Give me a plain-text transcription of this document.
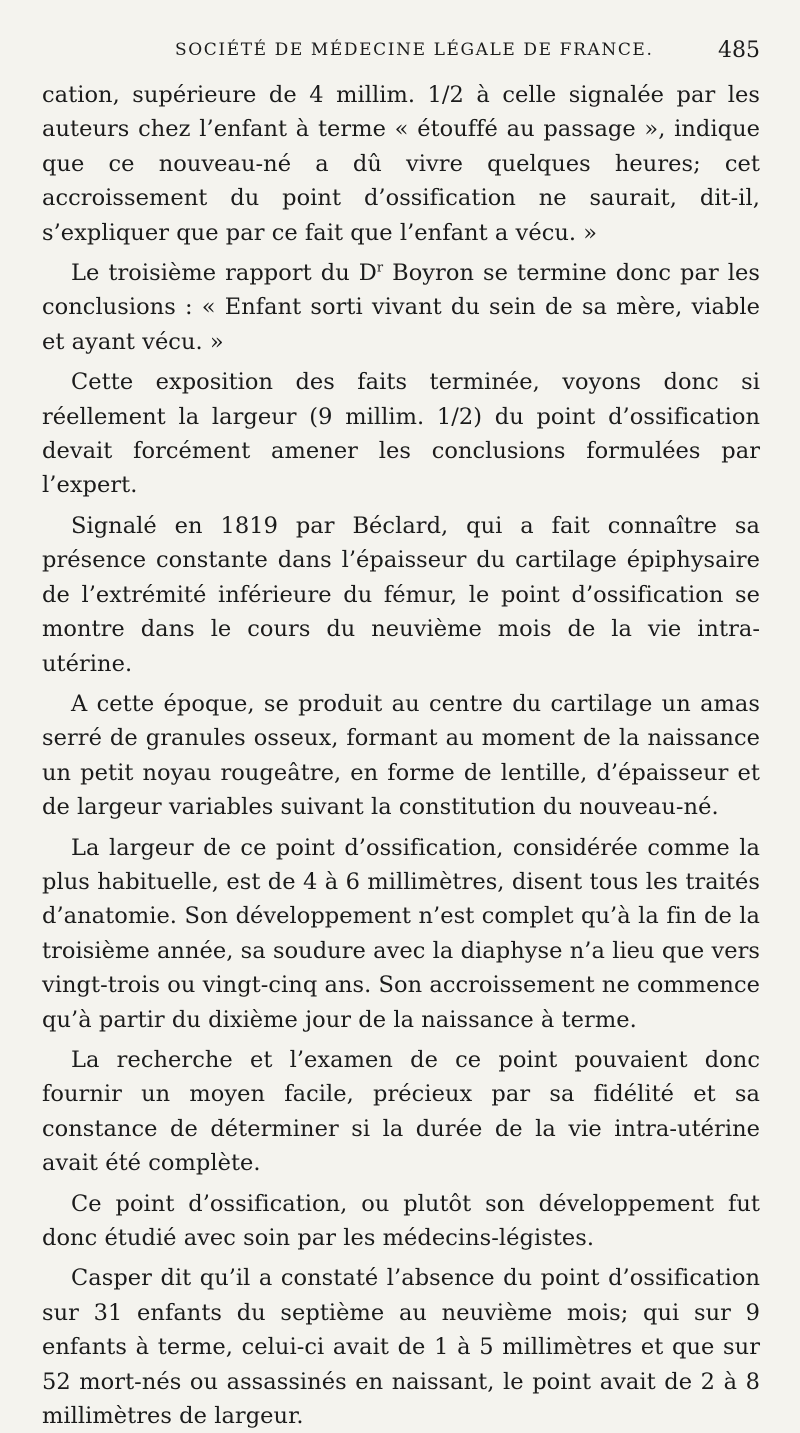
SOCIÉTÉ DE MÉDECINE LÉGALE DE FRANCE.	485

cation, supérieure de 4 millim. 1/2 à celle signalée par les auteurs chez l’enfant à terme « étouffé au passage », indique que ce nouveau-né a dû vivre quelques heures; cet accroissement du point d’ossification ne saurait, dit-il, s’expliquer que par ce fait que l’enfant a vécu. »

Le troisième rapport du $D^r$ Boyron se termine donc par les conclusions : « Enfant sorti vivant du sein de sa mère, viable et ayant vécu. »

Cette exposition des faits terminée, voyons donc si réellement la largeur (9 millim. 1/2) du point d’ossification devait forcément amener les conclusions formulées par l’expert.

Signalé en 1819 par Béclard, qui a fait connaître sa présence constante dans l’épaisseur du cartilage épiphysaire de l’extrémité inférieure du fémur, le point d’ossification se montre dans le cours du neuvième mois de la vie intra-utérine.

A cette époque, se produit au centre du cartilage un amas serré de granules osseux, formant au moment de la naissance un petit noyau rougeâtre, en forme de lentille, d’épaisseur et de largeur variables suivant la constitution du nouveau-né.

La largeur de ce point d’ossification, considérée comme la plus habituelle, est de 4 à 6 millimètres, disent tous les traités d’anatomie. Son développement n’est complet qu’à la fin de la troisième année, sa soudure avec la diaphyse n’a lieu que vers vingt-trois ou vingt-cinq ans. Son accroissement ne commence qu’à partir du dixième jour de la naissance à terme.

La recherche et l’examen de ce point pouvaient donc fournir un moyen facile, précieux par sa fidélité et sa constance de déterminer si la durée de la vie intra-utérine avait été complète.

Ce point d’ossification, ou plutôt son développement fut donc étudié avec soin par les médecins-légistes.

Casper dit qu’il a constaté l’absence du point d’ossification sur 31 enfants du septième au neuvième mois; qui sur 9 enfants à terme, celui-ci avait de 1 à 5 millimètres et que sur 52 mort-nés ou assassinés en naissant, le point avait de 2 à 8 millimètres de largeur.
